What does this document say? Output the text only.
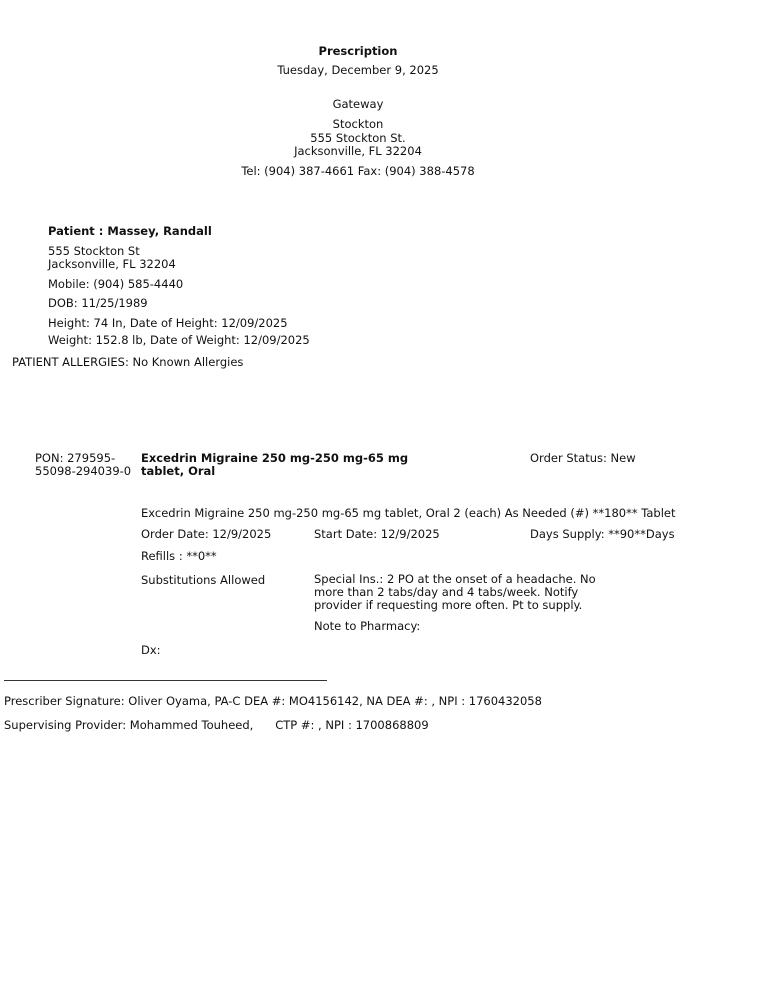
Prescription
Tuesday, December 9, 2025
Gateway
Stockton
555 Stockton St.
Jacksonville, FL 32204
Tel: (904) 387-4661 Fax: (904) 388-4578
Patient : Massey, Randall
555 Stockton St
Jacksonville, FL 32204
Mobile: (904) 585-4440
DOB: 11/25/1989
Height: 74 In, Date of Height: 12/09/2025
Weight: 152.8 lb, Date of Weight: 12/09/2025
PATIENT ALLERGIES: No Known Allergies
PON: 279595-
55098-294039-0
Excedrin Migraine 250 mg-250 mg-65 mg
tablet, Oral
Order Status: New
Excedrin Migraine 250 mg-250 mg-65 mg tablet, Oral 2 (each) As Needed (#) **180** Tablet
Order Date: 12/9/2025	Start Date: 12/9/2025	Days Supply: **90**Days
Refills : **0**
Substitutions Allowed	Special Ins.: 2 PO at the onset of a headache. No more than 2 tabs/day and 4 tabs/week. Notify provider if requesting more often. Pt to supply.
Note to Pharmacy:
Dx:
Prescriber Signature: Oliver Oyama, PA-C DEA #: MO4156142, NA DEA #: , NPI : 1760432058
Supervising Provider: Mohammed Touheed,      CTP #: , NPI : 1700868809
